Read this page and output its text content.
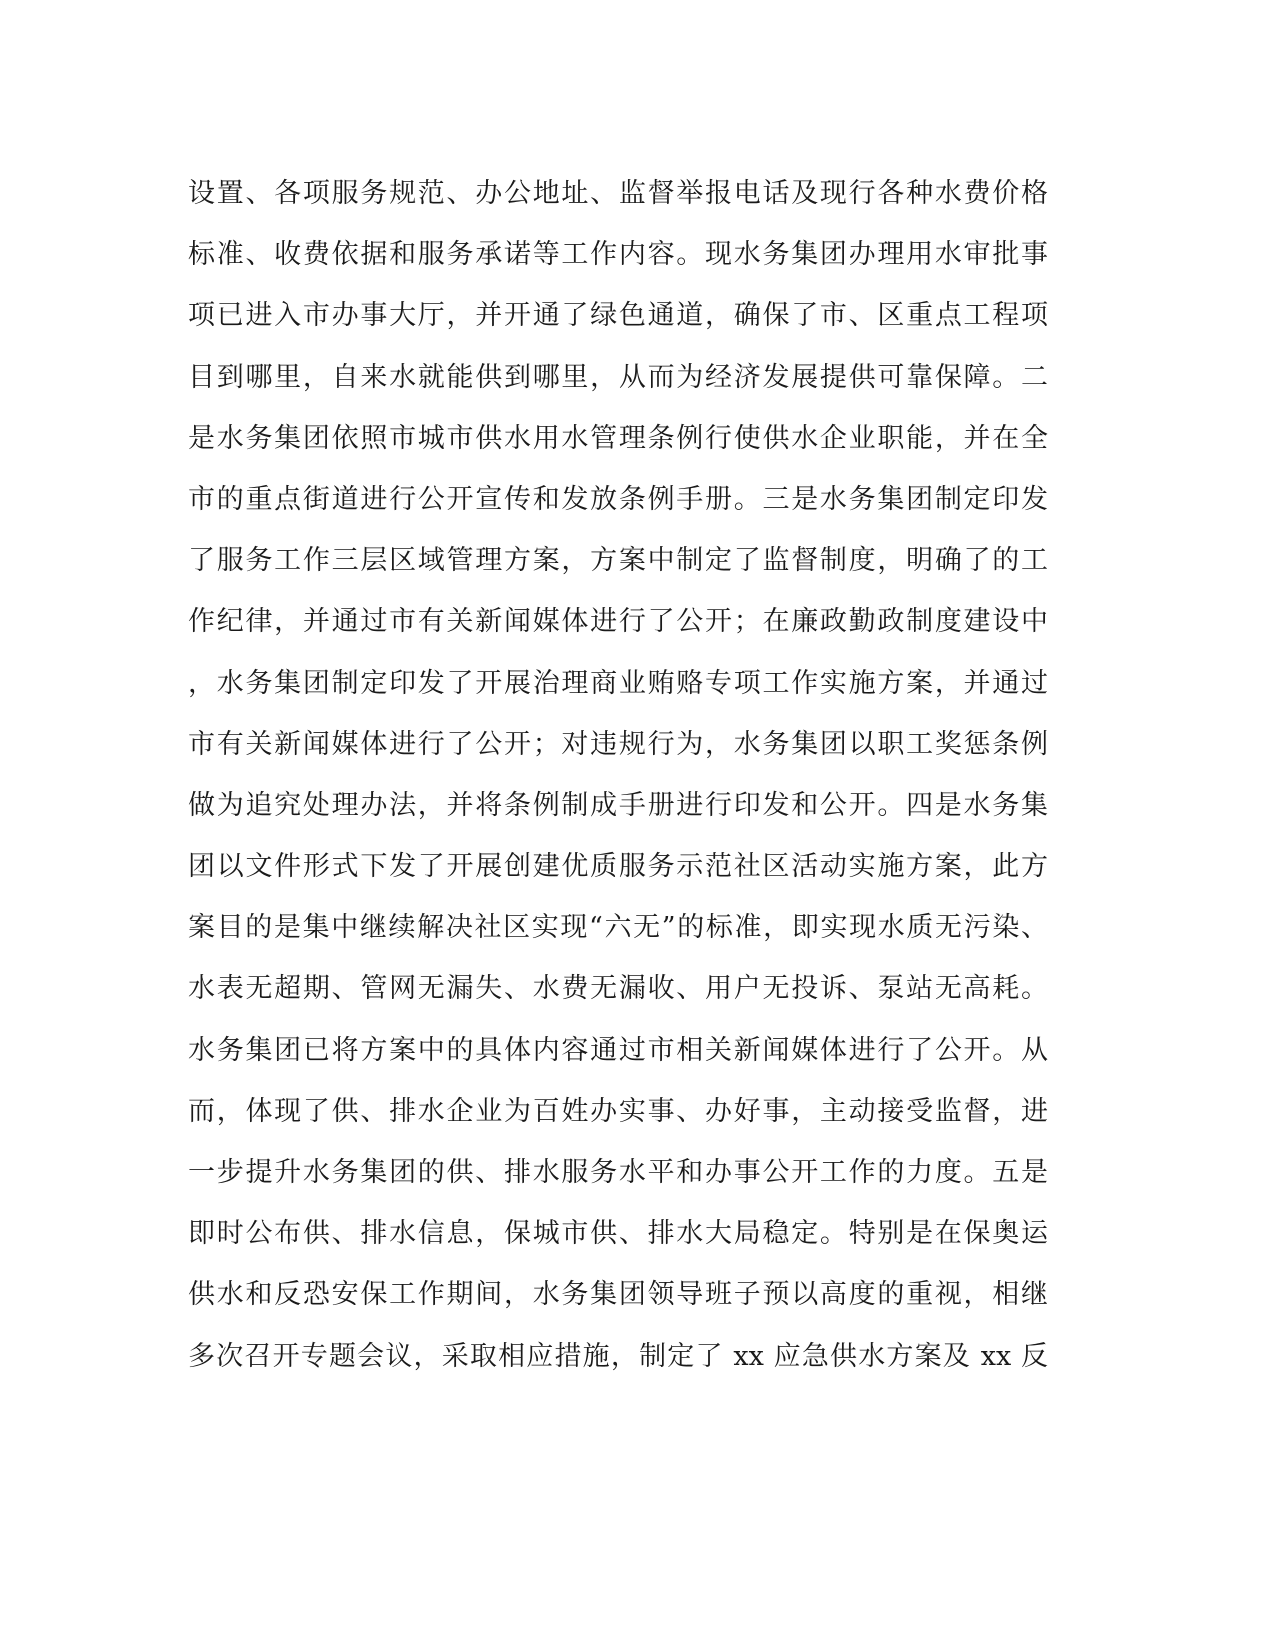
设置、各项服务规范、办公地址、监督举报电话及现行各种水费价格
标准、收费依据和服务承诺等工作内容。现水务集团办理用水审批事
项已进入市办事大厅，并开通了绿色通道，确保了市、区重点工程项
目到哪里，自来水就能供到哪里，从而为经济发展提供可靠保障。二
是水务集团依照市城市供水用水管理条例行使供水企业职能，并在全
市的重点街道进行公开宣传和发放条例手册。三是水务集团制定印发
了服务工作三层区域管理方案，方案中制定了监督制度，明确了的工
作纪律，并通过市有关新闻媒体进行了公开；在廉政勤政制度建设中
，水务集团制定印发了开展治理商业贿赂专项工作实施方案，并通过
市有关新闻媒体进行了公开；对违规行为，水务集团以职工奖惩条例
做为追究处理办法，并将条例制成手册进行印发和公开。四是水务集
团以文件形式下发了开展创建优质服务示范社区活动实施方案，此方
案目的是集中继续解决社区实现“六无”的标准，即实现水质无污染、
水表无超期、管网无漏失、水费无漏收、用户无投诉、泵站无高耗。
水务集团已将方案中的具体内容通过市相关新闻媒体进行了公开。从
而，体现了供、排水企业为百姓办实事、办好事，主动接受监督，进
一步提升水务集团的供、排水服务水平和办事公开工作的力度。五是
即时公布供、排水信息，保城市供、排水大局稳定。特别是在保奥运
供水和反恐安保工作期间，水务集团领导班子预以高度的重视，相继
多次召开专题会议，采取相应措施，制定了 xx 应急供水方案及 xx 反
